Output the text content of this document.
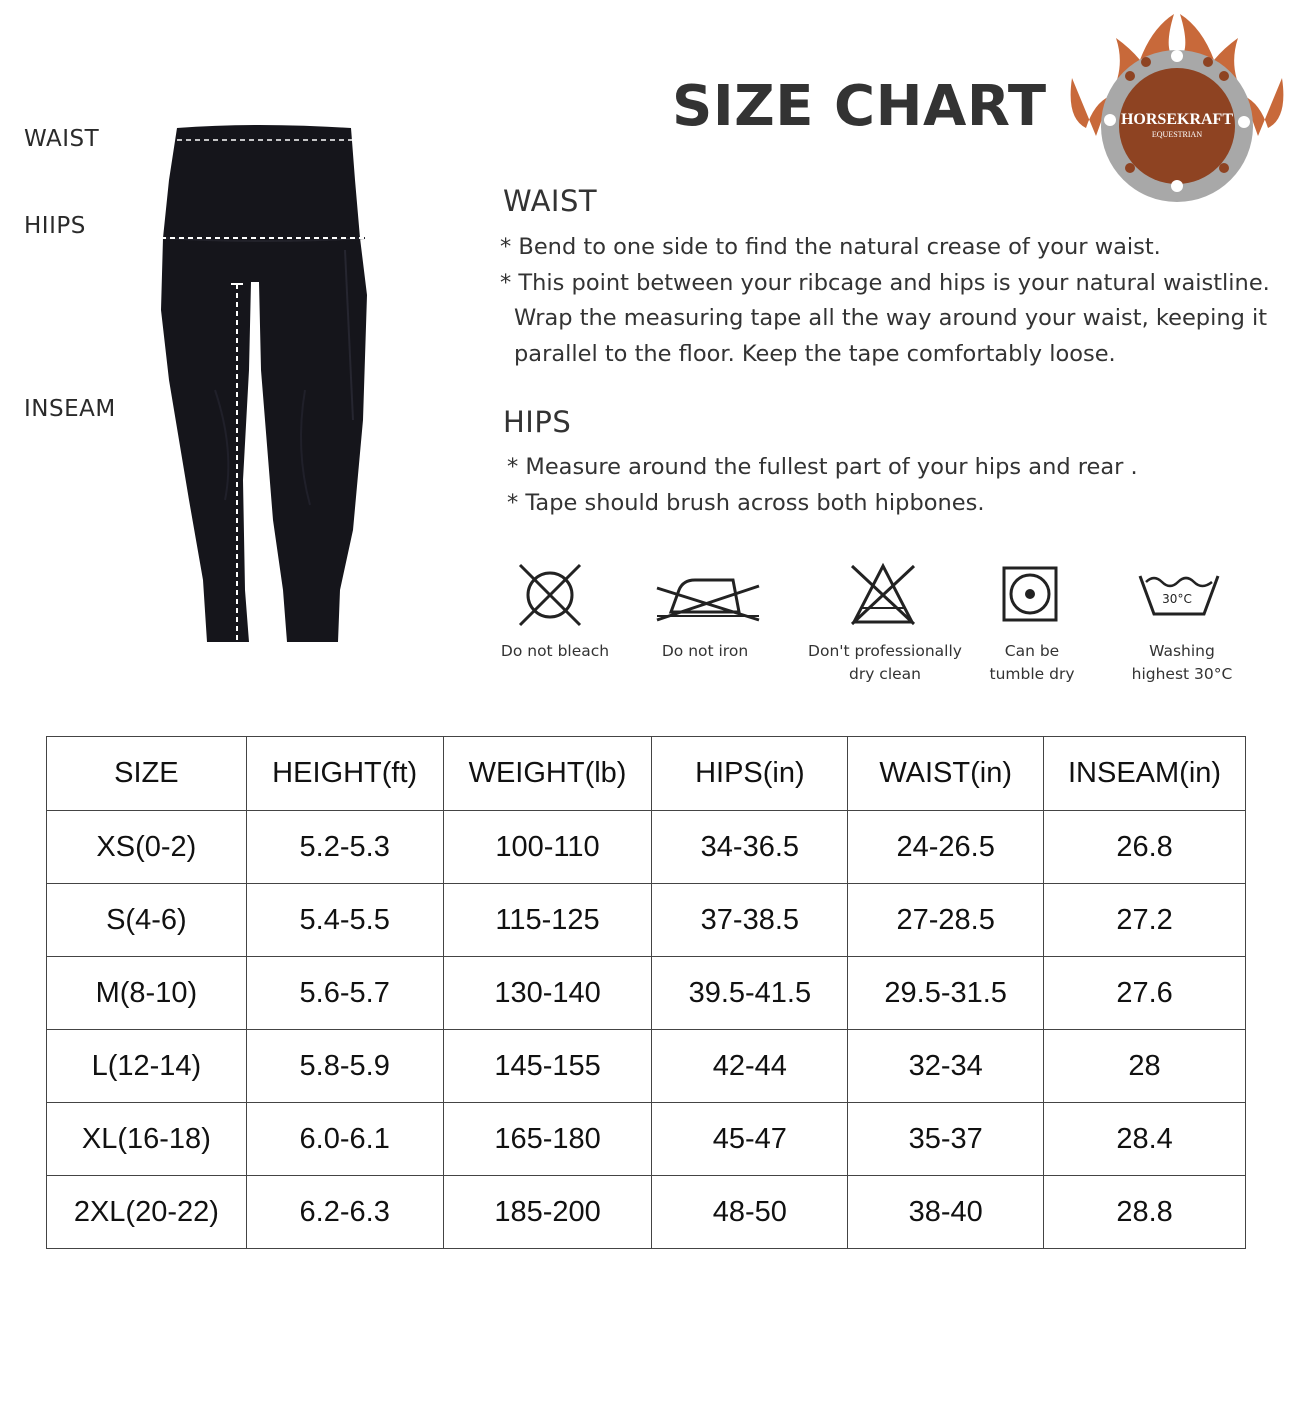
WAIST
HIIPS
INSEAM
SIZE CHART	HORSEKRAFT
EQUESTRIAN
WAIST
* Bend to one side to find the natural crease of your waist.
* This point between your ribcage and hips is your natural waistline.
Wrap the measuring tape all the way around your waist, keeping it
parallel to the floor. Keep the tape comfortably loose.
HIPS
* Measure around the fullest part of your hips and rear .
* Tape should brush across both hipbones.
30°C
Do not bleach	Do not iron	Don't professionally
dry clean
Can be
tumble dry
Washing
highest 30°C
SIZE	HEIGHT(ft)	WEIGHT(lb)	HIPS(in)	WAIST(in)	INSEAM(in)
XS(0-2)	5.2-5.3	100-110	34-36.5	24-26.5	26.8
S(4-6)	5.4-5.5	115-125	37-38.5	27-28.5	27.2
M(8-10)	5.6-5.7	130-140	39.5-41.5	29.5-31.5	27.6
L(12-14)	5.8-5.9	145-155	42-44	32-34	28
XL(16-18)	6.0-6.1	165-180	45-47	35-37	28.4
2XL(20-22)	6.2-6.3	185-200	48-50	38-40	28.8
